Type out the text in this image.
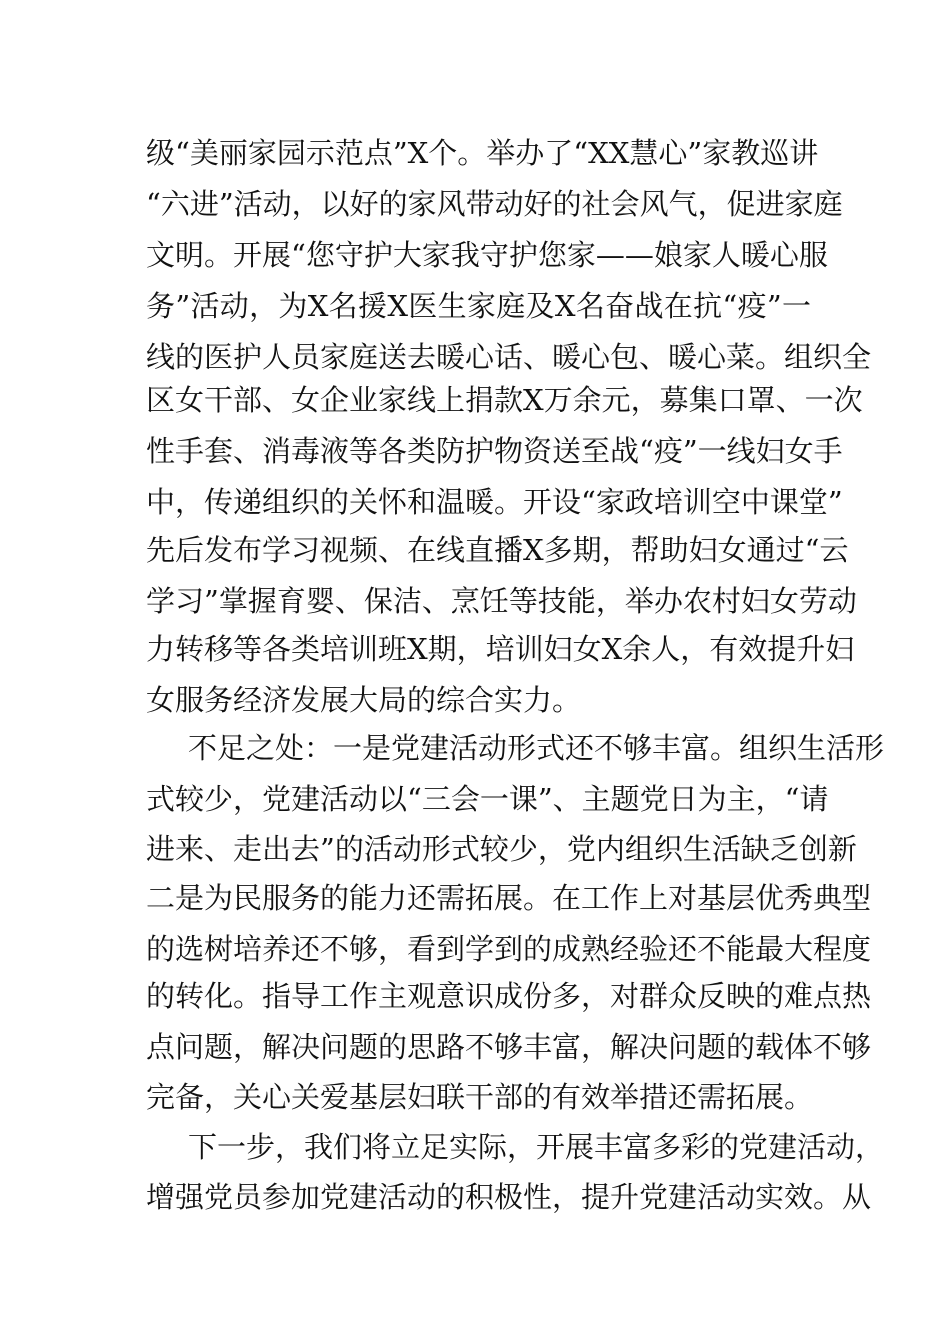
级“美丽家园示范点”X个。举办了“XX慧心”家教巡讲
“六进”活动，以好的家风带动好的社会风气，促进家庭
文明。开展“您守护大家我守护您家——娘家人暖心服
务”活动，为X名援X医生家庭及X名奋战在抗“疫”一
线的医护人员家庭送去暖心话、暖心包、暖心菜。组织全
区女干部、女企业家线上捐款X万余元，募集口罩、一次
性手套、消毒液等各类防护物资送至战“疫”一线妇女手
中，传递组织的关怀和温暖。开设“家政培训空中课堂”
先后发布学习视频、在线直播X多期，帮助妇女通过“云
学习”掌握育婴、保洁、烹饪等技能，举办农村妇女劳动
力转移等各类培训班X期，培训妇女X余人，有效提升妇
女服务经济发展大局的综合实力。
不足之处：一是党建活动形式还不够丰富。组织生活形
式较少，党建活动以“三会一课”、主题党日为主，“请
进来、走出去”的活动形式较少，党内组织生活缺乏创新
二是为民服务的能力还需拓展。在工作上对基层优秀典型
的选树培养还不够，看到学到的成熟经验还不能最大程度
的转化。指导工作主观意识成份多，对群众反映的难点热
点问题，解决问题的思路不够丰富，解决问题的载体不够
完备，关心关爱基层妇联干部的有效举措还需拓展。
下一步，我们将立足实际，开展丰富多彩的党建活动，
增强党员参加党建活动的积极性，提升党建活动实效。从
